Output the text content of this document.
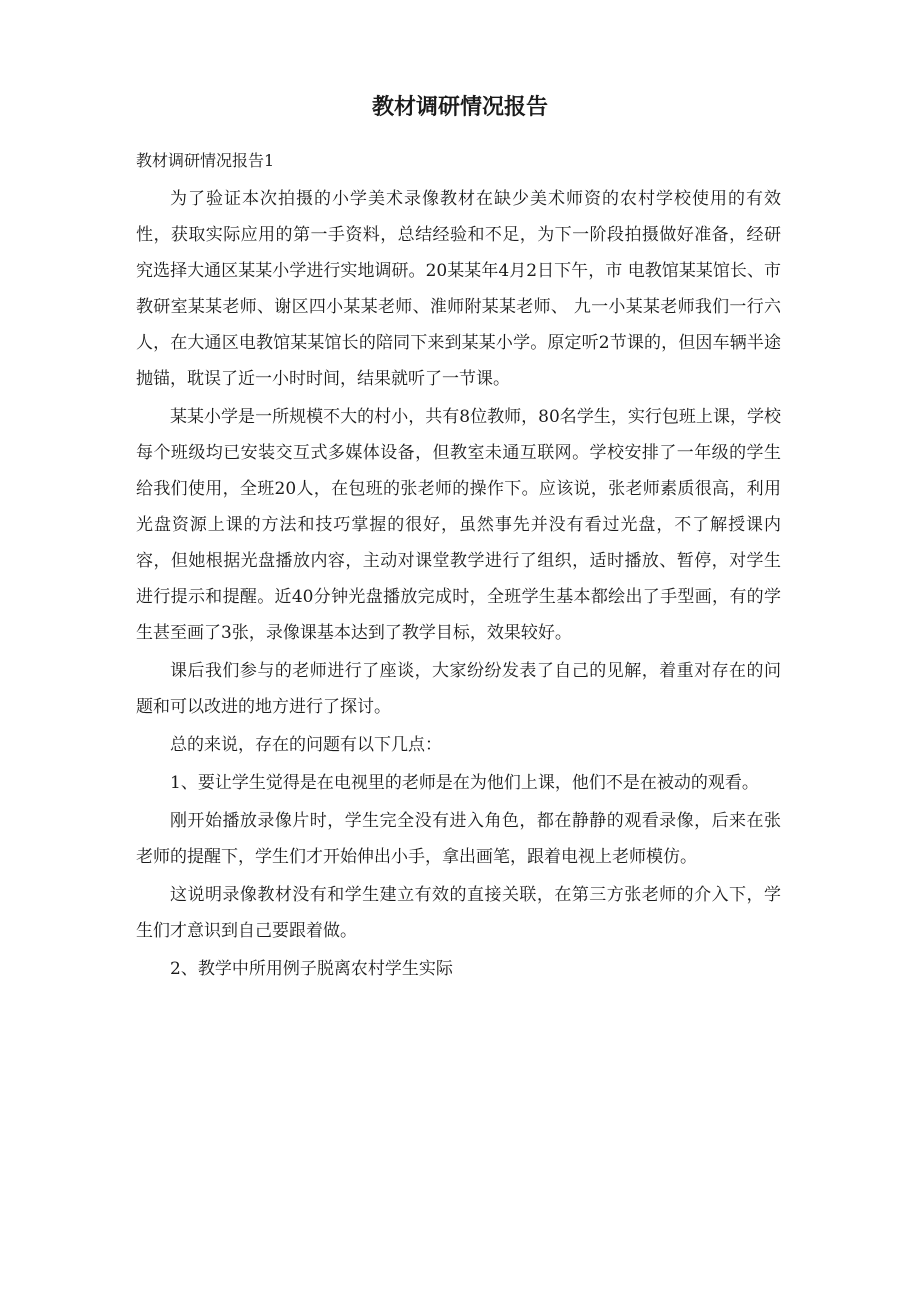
教材调研情况报告
教材调研情况报告1

为了验证本次拍摄的小学美术录像教材在缺少美术师资的农村学校使用的有效性，获取实际应用的第一手资料，总结经验和不足，为下一阶段拍摄做好准备，经研究选择大通区某某小学进行实地调研。20某某年4月2日下午，市 电教馆某某馆长、市教研室某某老师、谢区四小某某老师、淮师附某某老师、 九一小某某老师我们一行六人，在大通区电教馆某某馆长的陪同下来到某某小学。原定听2节课的，但因车辆半途抛锚，耽误了近一小时时间，结果就听了一节课。

某某小学是一所规模不大的村小，共有8位教师，80名学生，实行包班上课，学校每个班级均已安装交互式多媒体设备，但教室未通互联网。学校安排了一年级的学生给我们使用，全班20人，在包班的张老师的操作下。应该说，张老师素质很高，利用光盘资源上课的方法和技巧掌握的很好，虽然事先并没有看过光盘，不了解授课内容，但她根据光盘播放内容，主动对课堂教学进行了组织，适时播放、暂停，对学生进行提示和提醒。近40分钟光盘播放完成时，全班学生基本都绘出了手型画，有的学生甚至画了3张，录像课基本达到了教学目标，效果较好。

课后我们参与的老师进行了座谈，大家纷纷发表了自己的见解，着重对存在的问题和可以改进的地方进行了探讨。

总的来说，存在的问题有以下几点：

1、要让学生觉得是在电视里的老师是在为他们上课，他们不是在被动的观看。

刚开始播放录像片时，学生完全没有进入角色，都在静静的观看录像，后来在张老师的提醒下，学生们才开始伸出小手，拿出画笔，跟着电视上老师模仿。

这说明录像教材没有和学生建立有效的直接关联，在第三方张老师的介入下，学生们才意识到自己要跟着做。

2、教学中所用例子脱离农村学生实际
